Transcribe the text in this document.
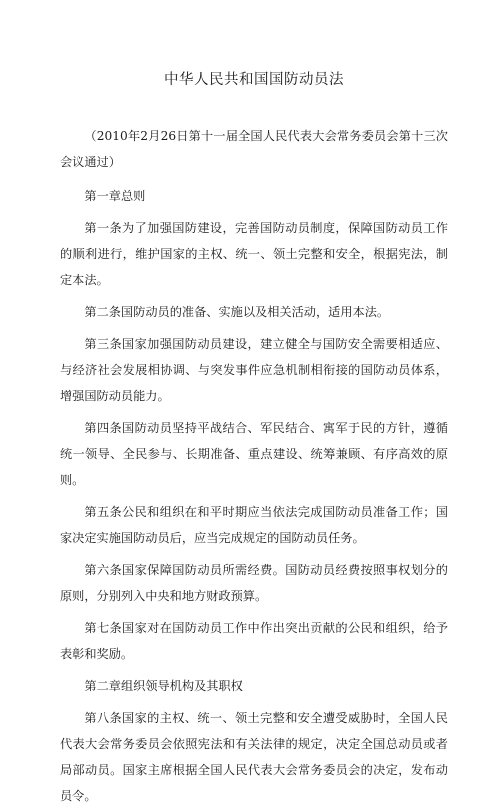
中华人民共和国国防动员法

（2010年2月26日第十一届全国人民代表大会常务委员会第十三次会议通过）

第一章总则

第一条为了加强国防建设，完善国防动员制度，保障国防动员工作的顺利进行，维护国家的主权、统一、领土完整和安全，根据宪法，制定本法。

第二条国防动员的准备、实施以及相关活动，适用本法。

第三条国家加强国防动员建设，建立健全与国防安全需要相适应、与经济社会发展相协调、与突发事件应急机制相衔接的国防动员体系，增强国防动员能力。

第四条国防动员坚持平战结合、军民结合、寓军于民的方针，遵循统一领导、全民参与、长期准备、重点建设、统筹兼顾、有序高效的原则。

第五条公民和组织在和平时期应当依法完成国防动员准备工作；国家决定实施国防动员后，应当完成规定的国防动员任务。

第六条国家保障国防动员所需经费。国防动员经费按照事权划分的原则，分别列入中央和地方财政预算。

第七条国家对在国防动员工作中作出突出贡献的公民和组织，给予表彰和奖励。

第二章组织领导机构及其职权

第八条国家的主权、统一、领土完整和安全遭受威胁时，全国人民代表大会常务委员会依照宪法和有关法律的规定，决定全国总动员或者局部动员。国家主席根据全国人民代表大会常务委员会的决定，发布动员令。
